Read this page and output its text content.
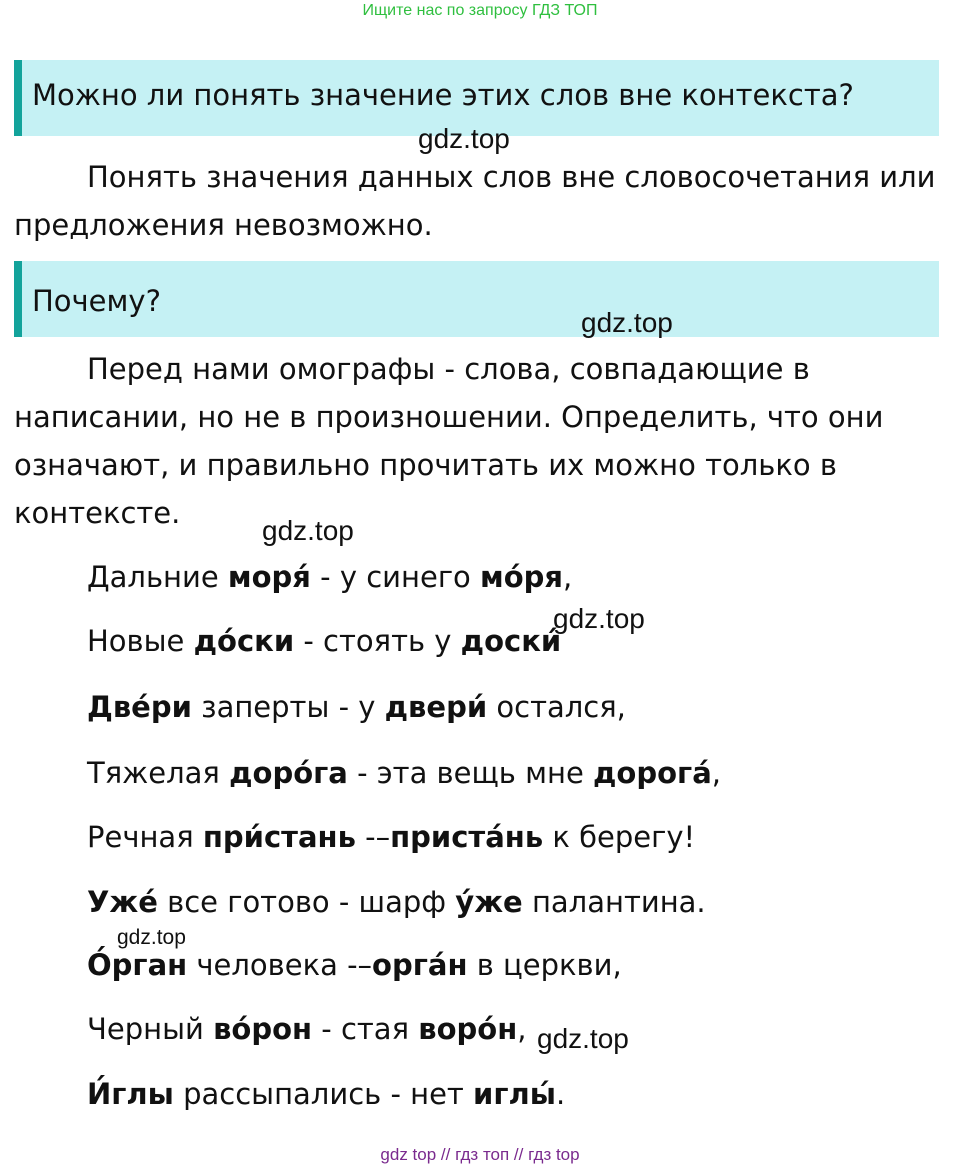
Ищите нас по запросу ГДЗ ТОП
Можно ли понять значение этих слов вне контекста?
gdz.top
Понять значения данных слов вне словосочетания или предложения невозможно.
Почему?
gdz.top
Перед нами омографы - слова, совпадающие в написании, но не в произношении. Определить, что они означают, и правильно прочитать их можно только в контексте.
gdz.top
Дальние моря́ - у синего мо́ря,
gdz.top
Новые до́ски - стоять у доски́
Две́ри заперты - у двери́ остался,
Тяжелая доро́га - эта вещь мне дорога́,
Речная при́стань -–приста́нь к берегу!
Уже́ все готово - шарф у́же палантина.
gdz.top
О́рган человека -–орга́н в церкви,
Черный во́рон - стая воро́н, gdz.top
И́глы рассыпались - нет иглы́.
gdz top // гдз топ // гдз top
